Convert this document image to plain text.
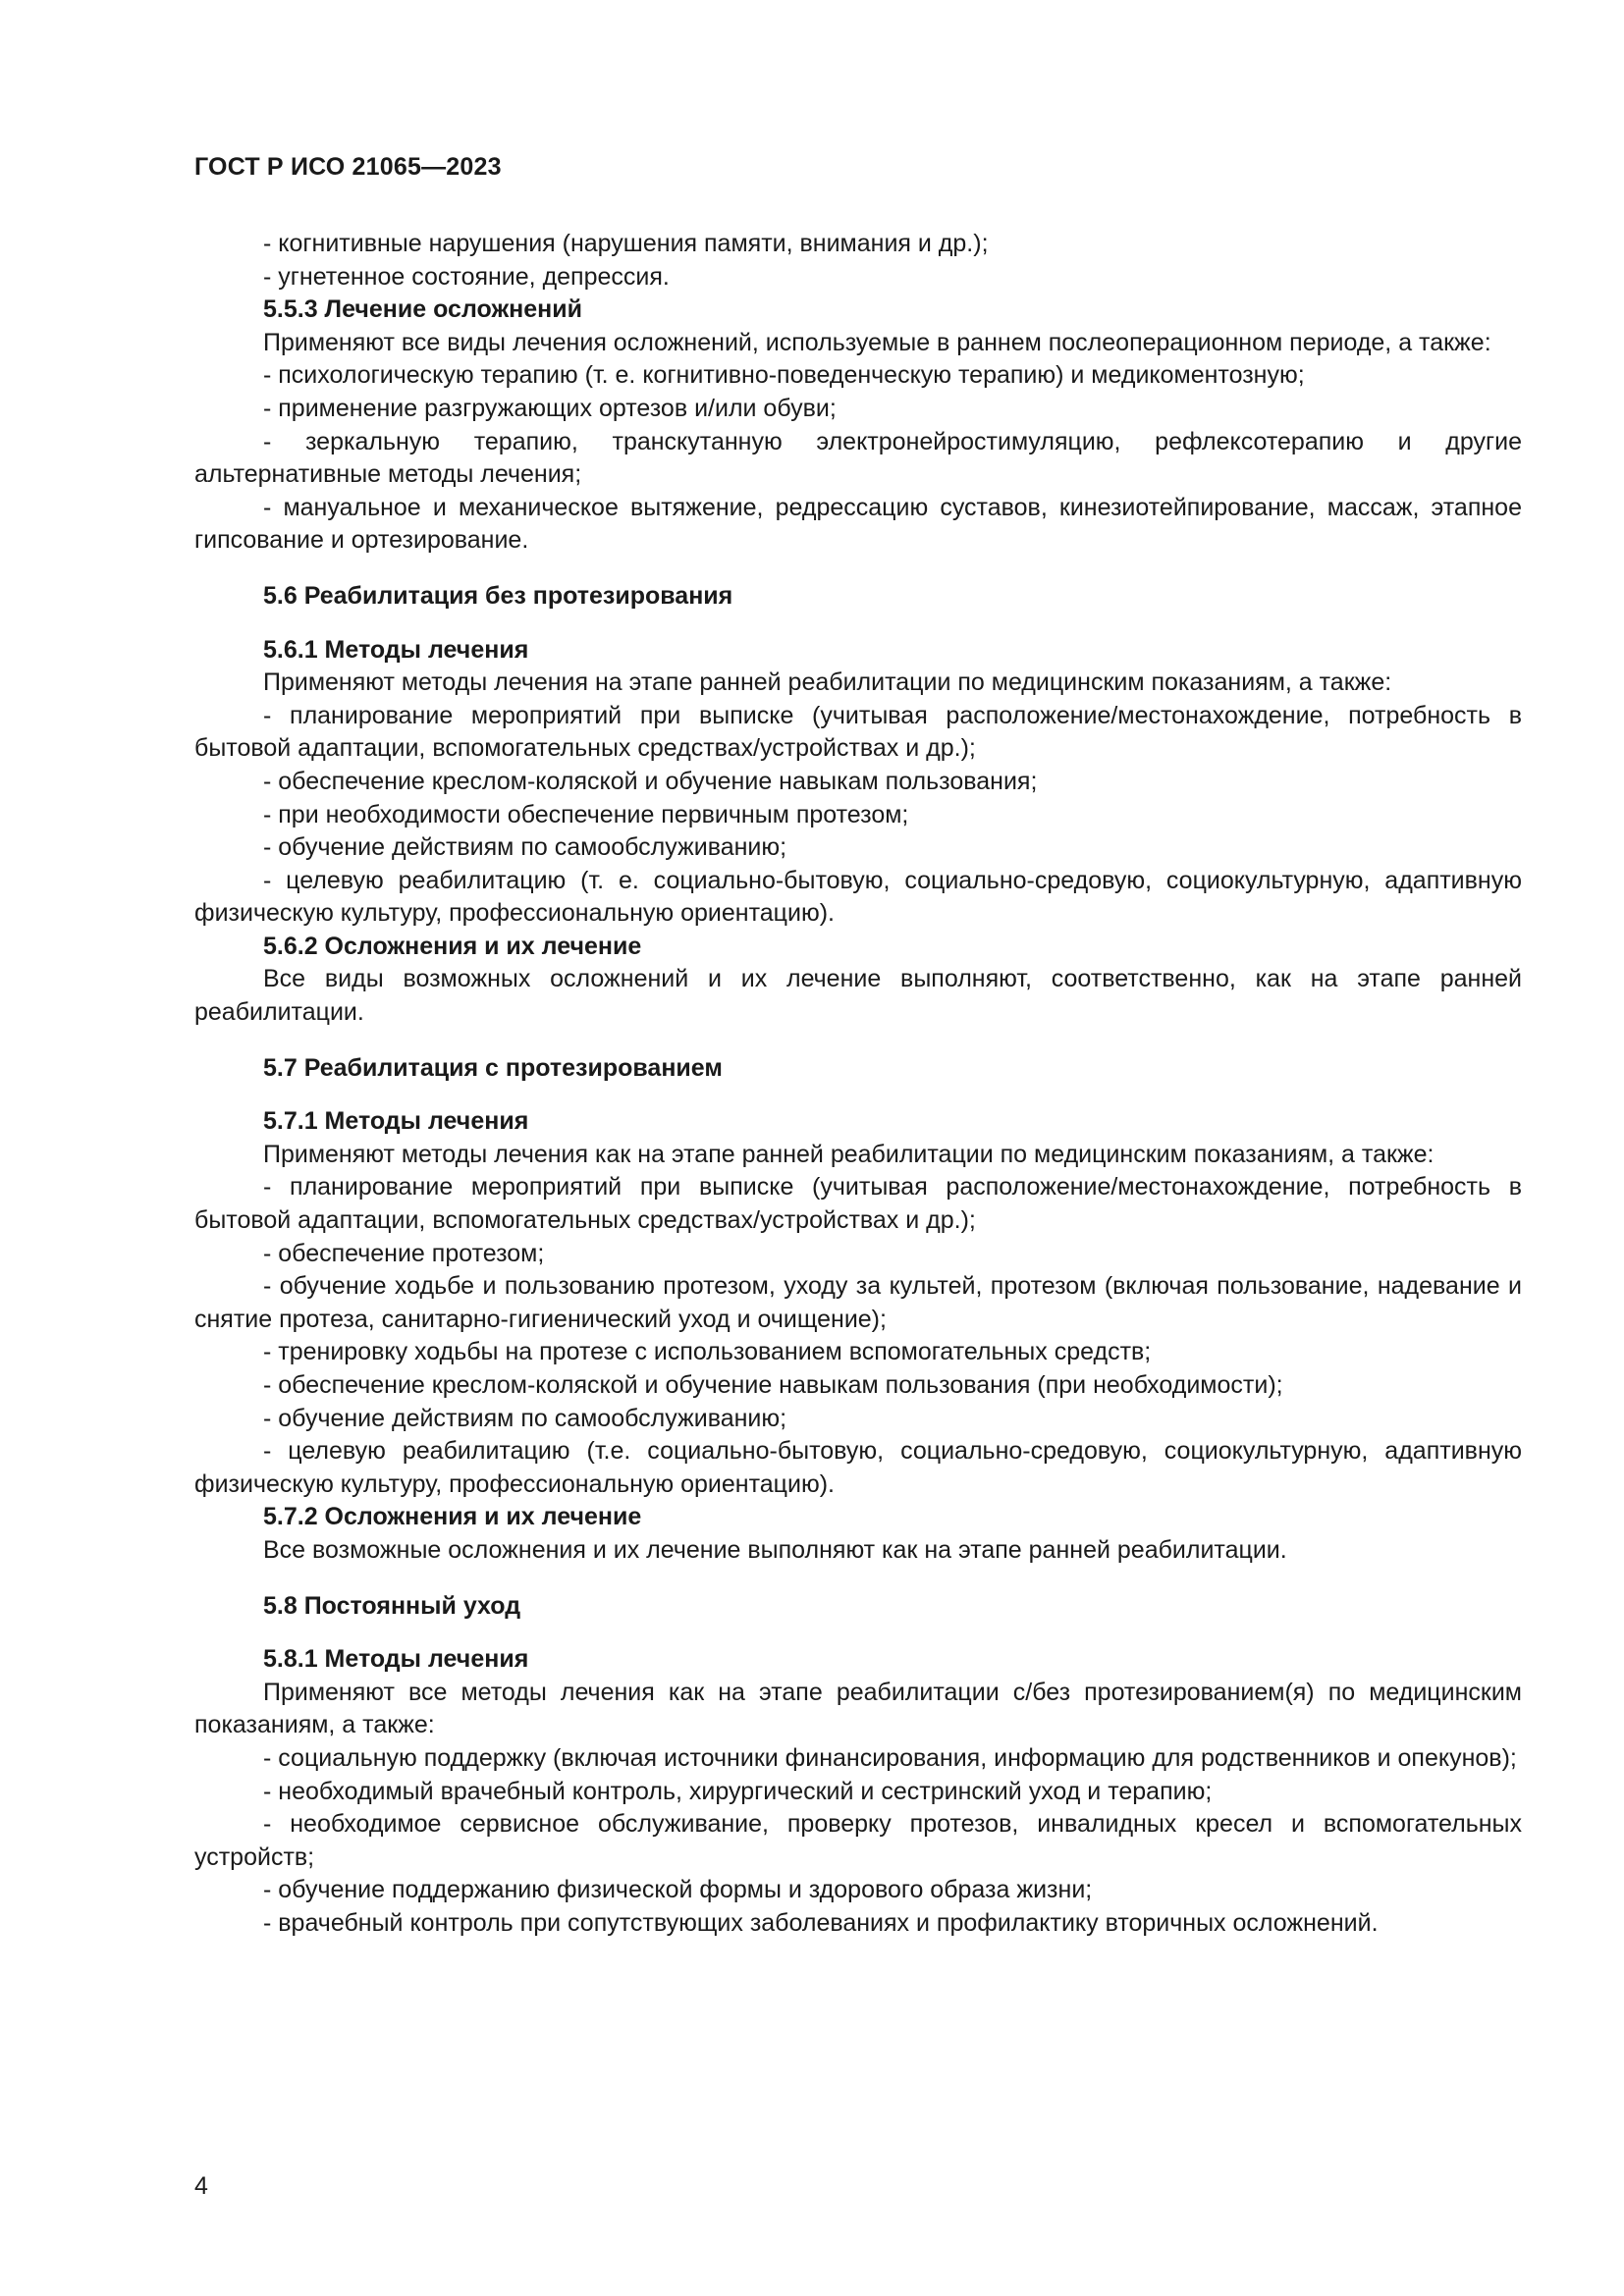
ГОСТ Р ИСО 21065—2023

- когнитивные нарушения (нарушения памяти, внимания и др.);

- угнетенное состояние, депрессия.

5.5.3 Лечение осложнений

Применяют все виды лечения осложнений, используемые в раннем послеоперационном периоде, а также:

- психологическую терапию (т. е. когнитивно-поведенческую терапию) и медикоментозную;

- применение разгружающих ортезов и/или обуви;

- зеркальную терапию, транскутанную электронейростимуляцию, рефлексотерапию и другие альтернативные методы лечения;

- мануальное и механическое вытяжение, редрессацию суставов, кинезиотейпирование, массаж, этапное гипсование и ортезирование.

5.6 Реабилитация без протезирования
5.6.1 Методы лечения

Применяют методы лечения на этапе ранней реабилитации по медицинским показаниям, а также:

- планирование мероприятий при выписке (учитывая расположение/местонахождение, потребность в бытовой адаптации, вспомогательных средствах/устройствах и др.);

- обеспечение креслом-коляской и обучение навыкам пользования;

- при необходимости обеспечение первичным протезом;

- обучение действиям по самообслуживанию;

- целевую реабилитацию (т. е. социально-бытовую, социально-средовую, социокультурную, адаптивную физическую культуру, профессиональную ориентацию).

5.6.2 Осложнения и их лечение

Все виды возможных осложнений и их лечение выполняют, соответственно, как на этапе ранней реабилитации.

5.7 Реабилитация с протезированием
5.7.1 Методы лечения

Применяют методы лечения как на этапе ранней реабилитации по медицинским показаниям, а также:

- планирование мероприятий при выписке (учитывая расположение/местонахождение, потребность в бытовой адаптации, вспомогательных средствах/устройствах и др.);

- обеспечение протезом;

- обучение ходьбе и пользованию протезом, уходу за культей, протезом (включая пользование, надевание и снятие протеза, санитарно-гигиенический уход и очищение);

- тренировку ходьбы на протезе с использованием вспомогательных средств;

- обеспечение креслом-коляской и обучение навыкам пользования (при необходимости);

- обучение действиям по самообслуживанию;

- целевую реабилитацию (т.е. социально-бытовую, социально-средовую, социокультурную, адаптивную физическую культуру, профессиональную ориентацию).

5.7.2 Осложнения и их лечение

Все возможные осложнения и их лечение выполняют как на этапе ранней реабилитации.

5.8 Постоянный уход
5.8.1 Методы лечения

Применяют все методы лечения как на этапе реабилитации с/без протезированием(я) по медицинским показаниям, а также:

- социальную поддержку (включая источники финансирования, информацию для родственников и опекунов);

- необходимый врачебный контроль, хирургический и сестринский уход и терапию;

- необходимое сервисное обслуживание, проверку протезов, инвалидных кресел и вспомогательных устройств;

- обучение поддержанию физической формы и здорового образа жизни;

- врачебный контроль при сопутствующих заболеваниях и профилактику вторичных осложнений.

4
